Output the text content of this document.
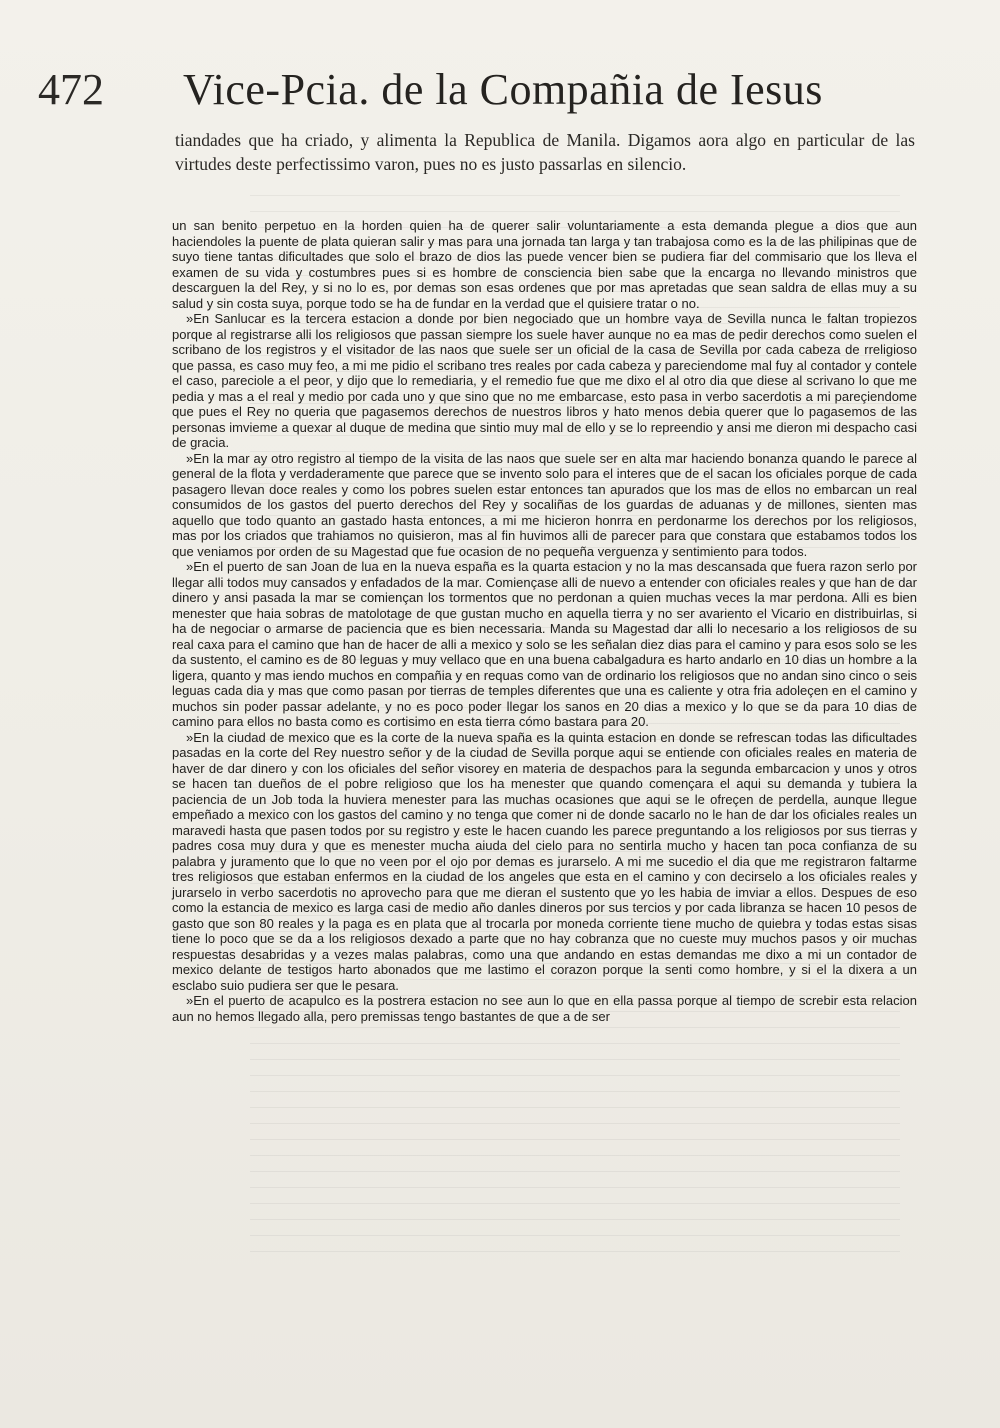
472 Vice-Pcia. de la Compañia de Iesus

tiandades que ha criado, y alimenta la Republica de Manila. Digamos aora algo en particular de las virtudes deste perfectissimo varon, pues no es justo passarlas en silencio.

un san benito perpetuo en la horden quien ha de querer salir voluntariamente a esta demanda plegue a dios que aun haciendoles la puente de plata quieran salir y mas para una jornada tan larga y tan trabajosa como es la de las philipinas que de suyo tiene tantas dificultades que solo el brazo de dios las puede vencer bien se pudiera fiar del commisario que los lleva el examen de su vida y costumbres pues si es hombre de consciencia bien sabe que la encarga no llevando ministros que descarguen la del Rey, y si no lo es, por demas son esas ordenes que por mas apretadas que sean saldra de ellas muy a su salud y sin costa suya, porque todo se ha de fundar en la verdad que el quisiere tratar o no.

»En Sanlucar es la tercera estacion a donde por bien negociado que un hombre vaya de Sevilla nunca le faltan tropiezos porque al registrarse alli los religiosos que passan siempre los suele haver aunque no ea mas de pedir derechos como suelen el scribano de los registros y el visitador de las naos que suele ser un oficial de la casa de Sevilla por cada cabeza de rreligioso que passa, es caso muy feo, a mi me pidio el scribano tres reales por cada cabeza y pareciendome mal fuy al contador y contele el caso, pareciole a el peor, y dijo que lo remediaria, y el remedio fue que me dixo el al otro dia que diese al scrivano lo que me pedia y mas a el real y medio por cada uno y que sino que no me embarcase, esto pasa in verbo sacerdotis a mi pareçiendome que pues el Rey no queria que pagasemos derechos de nuestros libros y hato menos debia querer que lo pagasemos de las personas imvieme a quexar al duque de medina que sintio muy mal de ello y se lo repreendio y ansi me dieron mi despacho casi de gracia.

»En la mar ay otro registro al tiempo de la visita de las naos que suele ser en alta mar haciendo bonanza quando le parece al general de la flota y verdaderamente que parece que se invento solo para el interes que de el sacan los oficiales porque de cada pasagero llevan doce reales y como los pobres suelen estar entonces tan apurados que los mas de ellos no embarcan un real consumidos de los gastos del puerto derechos del Rey y socaliñas de los guardas de aduanas y de millones, sienten mas aquello que todo quanto an gastado hasta entonces, a mi me hicieron honrra en perdonarme los derechos por los religiosos, mas por los criados que trahiamos no quisieron, mas al fin huvimos alli de parecer para que constara que estabamos todos los que veniamos por orden de su Magestad que fue ocasion de no pequeña verguenza y sentimiento para todos.

»En el puerto de san Joan de lua en la nueva españa es la quarta estacion y no la mas descansada que fuera razon serlo por llegar alli todos muy cansados y enfadados de la mar. Comiençase alli de nuevo a entender con oficiales reales y que han de dar dinero y ansi pasada la mar se comiençan los tormentos que no perdonan a quien muchas veces la mar perdona. Alli es bien menester que haia sobras de matolotage de que gustan mucho en aquella tierra y no ser avariento el Vicario en distribuirlas, si ha de negociar o armarse de paciencia que es bien necessaria. Manda su Magestad dar alli lo necesario a los religiosos de su real caxa para el camino que han de hacer de alli a mexico y solo se les señalan diez dias para el camino y para esos solo se les da sustento, el camino es de 80 leguas y muy vellaco que en una buena cabalgadura es harto andarlo en 10 dias un hombre a la ligera, quanto y mas iendo muchos en compañia y en requas como van de ordinario los religiosos que no andan sino cinco o seis leguas cada dia y mas que como pasan por tierras de temples diferentes que una es caliente y otra fria adoleçen en el camino y muchos sin poder passar adelante, y no es poco poder llegar los sanos en 20 dias a mexico y lo que se da para 10 dias de camino para ellos no basta como es cortisimo en esta tierra cómo bastara para 20.

»En la ciudad de mexico que es la corte de la nueva spaña es la quinta estacion en donde se refrescan todas las dificultades pasadas en la corte del Rey nuestro señor y de la ciudad de Sevilla porque aqui se entiende con oficiales reales en materia de haver de dar dinero y con los oficiales del señor visorey en materia de despachos para la segunda embarcacion y unos y otros se hacen tan dueños de el pobre religioso que los ha menester que quando començara el aqui su demanda y tubiera la paciencia de un Job toda la huviera menester para las muchas ocasiones que aqui se le ofreçen de perdella, aunque llegue empeñado a mexico con los gastos del camino y no tenga que comer ni de donde sacarlo no le han de dar los oficiales reales un maravedi hasta que pasen todos por su registro y este le hacen cuando les parece preguntando a los religiosos por sus tierras y padres cosa muy dura y que es menester mucha aiuda del cielo para no sentirla mucho y hacen tan poca confianza de su palabra y juramento que lo que no veen por el ojo por demas es jurarselo. A mi me sucedio el dia que me registraron faltarme tres religiosos que estaban enfermos en la ciudad de los angeles que esta en el camino y con decirselo a los oficiales reales y jurarselo in verbo sacerdotis no aprovecho para que me dieran el sustento que yo les habia de imviar a ellos. Despues de eso como la estancia de mexico es larga casi de medio año danles dineros por sus tercios y por cada libranza se hacen 10 pesos de gasto que son 80 reales y la paga es en plata que al trocarla por moneda corriente tiene mucho de quiebra y todas estas sisas tiene lo poco que se da a los religiosos dexado a parte que no hay cobranza que no cueste muy muchos pasos y oir muchas respuestas desabridas y a vezes malas palabras, como una que andando en estas demandas me dixo a mi un contador de mexico delante de testigos harto abonados que me lastimo el corazon porque la senti como hombre, y si el la dixera a un esclabo suio pudiera ser que le pesara.

»En el puerto de acapulco es la postrera estacion no see aun lo que en ella passa porque al tiempo de screbir esta relacion aun no hemos llegado alla, pero premissas tengo bastantes de que a de ser
